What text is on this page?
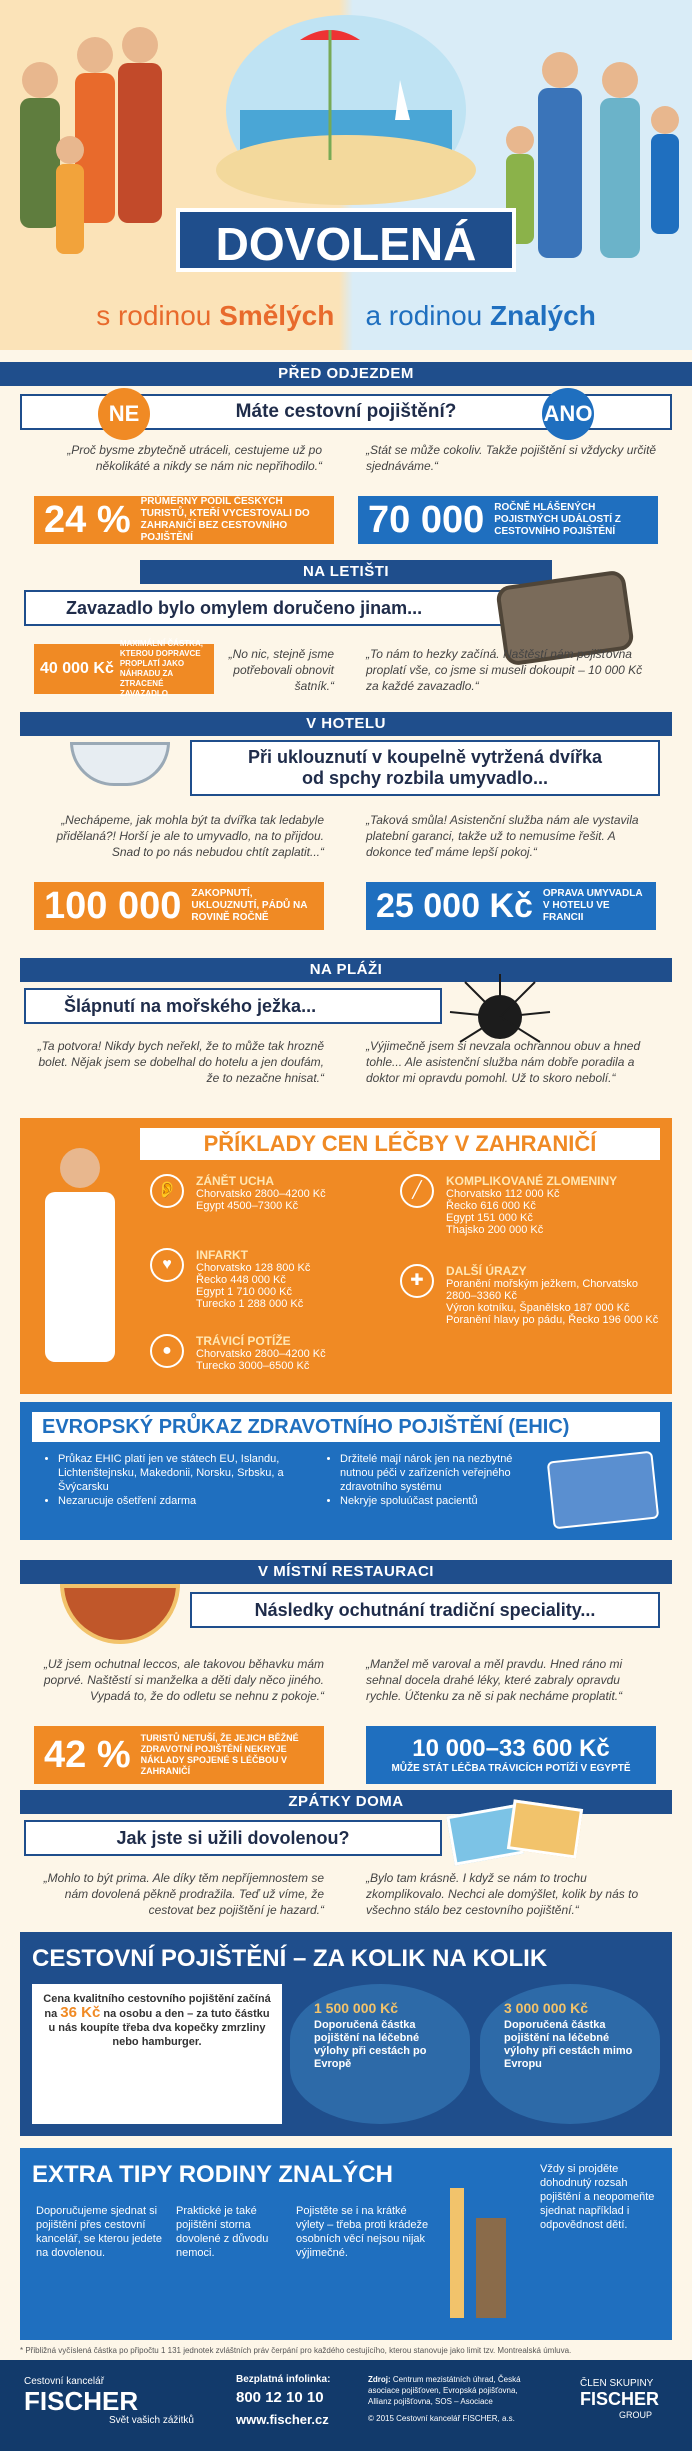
DOVOLENÁ
s rodinou Smělých a rodinou Znalých
PŘED ODJEZDEM
Máte cestovní pojištění?
NE	ANO
„Proč bysme zbytečně utráceli, cestujeme už po několikáté a nikdy se nám nic nepřihodilo.“
„Stát se může cokoliv. Takže pojištění si vždycky určitě sjednáváme.“
24 % PRŮMĚRNÝ PODÍL ČESKÝCH TURISTŮ, KTEŘÍ VYCESTOVALI DO ZAHRANIČÍ BEZ CESTOVNÍHO POJIŠTĚNÍ	70 000 ROČNĚ HLÁŠENÝCH POJISTNÝCH UDÁLOSTÍ Z CESTOVNÍHO POJIŠTĚNÍ
NA LETIŠTI
Zavazadlo bylo omylem doručeno jinam...
40 000 Kč
MAXIMÁLNÍ ČÁSTKA, KTEROU DOPRAVCE PROPLATÍ JAKO NÁHRADU ZA ZTRACENÉ ZAVAZADLO
„No nic, stejně jsme potřebovali obnovit šatník.“
„To nám to hezky začíná. Naštěstí nám pojišťovna proplatí vše, co jsme si museli dokoupit – 10 000 Kč za každé zavazadlo.“
V HOTELU
Při uklouznutí v koupelně vytržená dvířka
od spchy rozbila umyvadlo...
„Nechápeme, jak mohla být ta dvířka tak ledabyle přidělaná?! Horší je ale to umyvadlo, na to přijdou. Snad to po nás nebudou chtít zaplatit...“
„Taková smůla! Asistenční služba nám ale vystavila platební garanci, takže už to nemusíme řešit. A dokonce teď máme lepší pokoj.“
100 000 ZAKOPNUTÍ, UKLOUZNUTÍ, PÁDŮ NA ROVINĚ ROČNĚ	25 000 Kč OPRAVA UMYVADLA V HOTELU VE FRANCII
NA PLÁŽI
Šlápnutí na mořského ježka...
„Ta potvora! Nikdy bych neřekl, že to může tak hrozně bolet. Nějak jsem se dobelhal do hotelu a jen doufám, že to nezačne hnisat.“
„Výjimečně jsem si nevzala ochrannou obuv a hned tohle... Ale asistenční služba nám dobře poradila a doktor mi opravdu pomohl. Už to skoro nebolí.“
PŘÍKLADY CEN LÉČBY V ZAHRANIČÍ
👂
ZÁNĚT UCHA
Chorvatsko 2800–4200 Kč
Egypt 4500–7300 Kč
♥
INFARKT
Chorvatsko 128 800 Kč
Řecko 448 000 Kč
Egypt 1 710 000 Kč
Turecko 1 288 000 Kč
●
TRÁVICÍ POTÍŽE
Chorvatsko 2800–4200 Kč
Turecko 3000–6500 Kč
╱
KOMPLIKOVANÉ ZLOMENINY
Chorvatsko 112 000 Kč
Řecko 616 000 Kč
Egypt 151 000 Kč
Thajsko 200 000 Kč
✚
DALŠÍ ÚRAZY
Poranění mořským ježkem, Chorvatsko 2800–3360 Kč
Výron kotníku, Španělsko 187 000 Kč
Poranění hlavy po pádu, Řecko 196 000 Kč
EVROPSKÝ PRŮKAZ ZDRAVOTNÍHO POJIŠTĚNÍ (EHIC)
• Průkaz EHIC platí jen ve státech EU, Islandu, Lichtenštejnsku, Makedonii, Norsku, Srbsku, a Švýcarsku
• Nezarucuje ošetření zdarma
• Držitelé mají nárok jen na nezbytné nutnou péči v zařízeních veřejného zdravotního systému
• Nekryje spoluúčast pacientů
V MÍSTNÍ RESTAURACI
Následky ochutnání tradiční speciality...
„Už jsem ochutnal leccos, ale takovou běhavku mám poprvé. Naštěstí si manželka a děti daly něco jiného. Vypadá to, že do odletu se nehnu z pokoje.“
„Manžel mě varoval a měl pravdu. Hned ráno mi sehnal docela drahé léky, které zabraly opravdu rychle. Účtenku za ně si pak necháme proplatit.“
42 % TURISTŮ NETUŠÍ, ŽE JEJICH BĚŽNÉ ZDRAVOTNÍ POJIŠTĚNÍ NEKRYJE NÁKLADY SPOJENÉ S LÉČBOU V ZAHRANIČÍ
10 000–33 600 Kč
MŮŽE STÁT LÉČBA TRÁVICÍCH POTÍŽÍ V EGYPTĚ
ZPÁTKY DOMA
Jak jste si užili dovolenou?
„Mohlo to být prima. Ale díky těm nepříjemnostem se nám dovolená pěkně prodražila. Teď už víme, že cestovat bez pojištění je hazard.“
„Bylo tam krásně. I když se nám to trochu zkomplikovalo. Nechci ale domýšlet, kolik by nás to všechno stálo bez cestovního pojištění.“
CESTOVNÍ POJIŠTĚNÍ – ZA KOLIK NA KOLIK
Cena kvalitního cestovního pojištění začíná na 36 Kč na osobu a den – za tuto částku u nás koupíte třeba dva kopečky zmrzliny nebo hamburger.
1 500 000 Kč
Doporučená částka pojištění na léčebné výlohy při cestách po Evropě
3 000 000 Kč
Doporučená částka pojištění na léčebné výlohy při cestách mimo Evropu
EXTRA TIPY RODINY ZNALÝCH
Doporučujeme sjednat si pojištění přes cestovní kancelář, se kterou jedete na dovolenou.
Praktické je také pojištění storna dovolené z důvodu nemoci.
Pojistěte se i na krátké výlety – třeba proti krádeže osobních věcí nejsou nijak výjimečné.
Vždy si projděte dohodnutý rozsah pojištění a neopomeňte sjednat například i odpovědnost dětí.
* Přibližná vyčíslená částka po připočtu 1 131 jednotek zvláštních práv čerpání pro každého cestujícího, kterou stanovuje jako limit tzv. Montrealská úmluva.
Cestovní kancelář
FISCHER
Svět vašich zážitků
Bezplatná infolinka:
800 12 10 10
www.fischer.cz
Zdroj: Centrum mezistátních úhrad, Česká asociace pojišťoven, Evropská pojišťovna, Allianz pojišťovna, SOS – Asociace
© 2015 Cestovní kancelář FISCHER, a.s.
ČLEN SKUPINY
FISCHER
GROUP
